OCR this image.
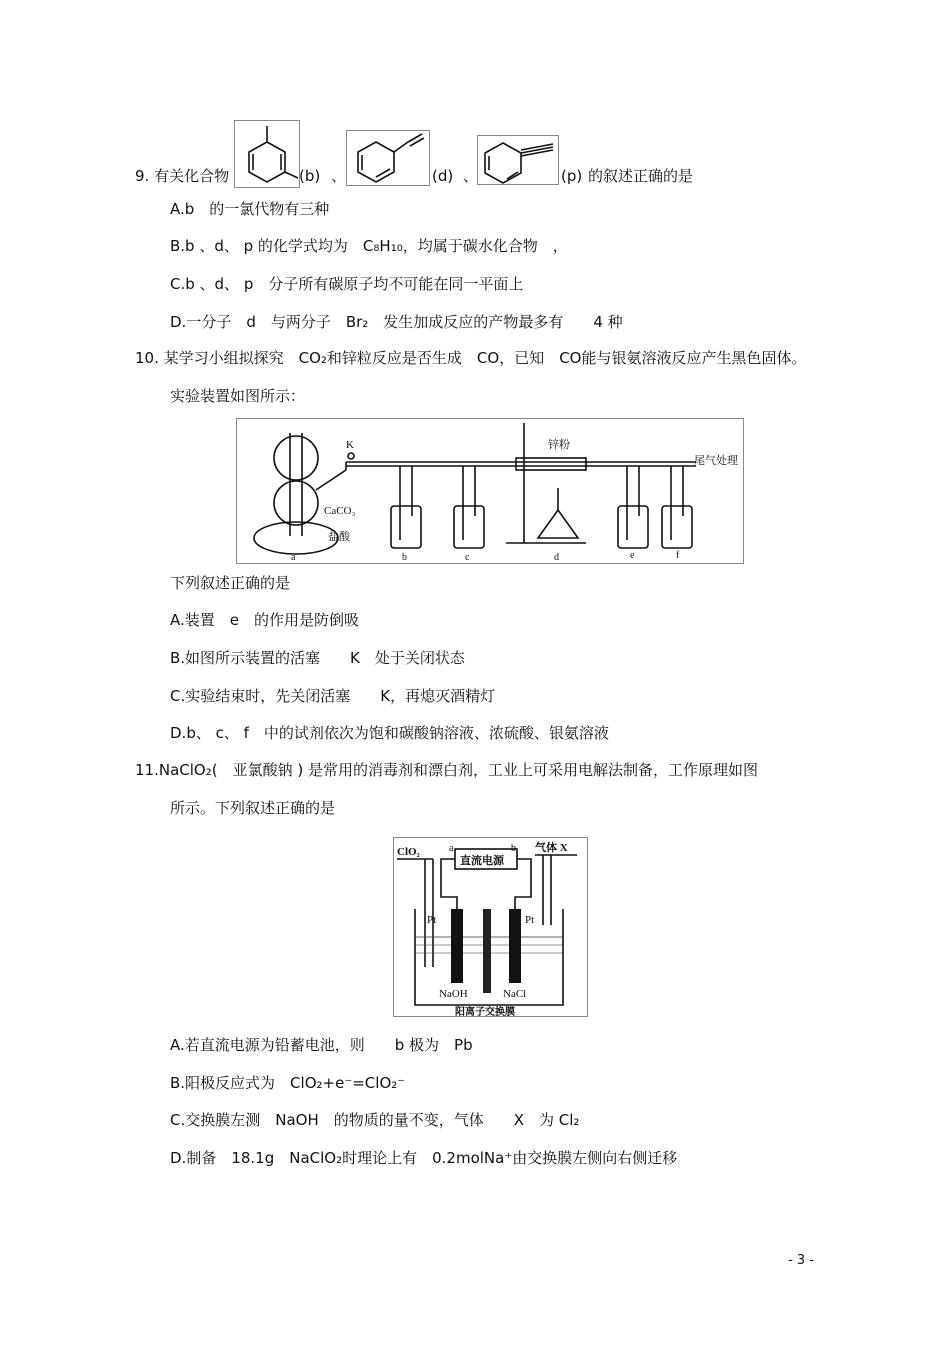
9. 有关化合物	(b) 、	(d) 、	(p) 的叙述正确的是
A.b　的一氯代物有三种
B.b 、d、 p 的化学式均为　C₈H₁₀，均属于碳水化合物　，
C.b 、d、 p　分子所有碳原子均不可能在同一平面上
D.一分子　d　与两分子　Br₂　发生加成反应的产物最多有　　4 种
10. 某学习小组拟探究　CO₂和锌粒反应是否生成　CO，已知　CO能与银氨溶液反应产生黑色固体。
实验装置如图所示：
K
CaCO₃
盐酸
锌粉
尾气处理
a	b	c	d	e	f
下列叙述正确的是
A.装置　e　的作用是防倒吸
B.如图所示装置的活塞　　K　处于关闭状态
C.实验结束时，先关闭活塞　　K，再熄灭酒精灯
D.b、 c、 f　中的试剂依次为饱和碳酸钠溶液、浓硫酸、银氨溶液
11.NaClO₂(　亚氯酸钠 ) 是常用的消毒剂和漂白剂，工业上可采用电解法制备，工作原理如图
所示。下列叙述正确的是
ClO₂
直流电源
a	b 气体 X
Pt	Pt
NaOH	NaCl
阳离子交换膜
A.若直流电源为铅蓄电池，则　　b 极为　Pb
B.阳极反应式为　ClO₂+e⁻=ClO₂⁻
C.交换膜左测　NaOH　的物质的量不变，气体　　X　为 Cl₂
D.制备　18.1g　NaClO₂时理论上有　0.2molNa⁺由交换膜左侧向右侧迁移
- 3 -
